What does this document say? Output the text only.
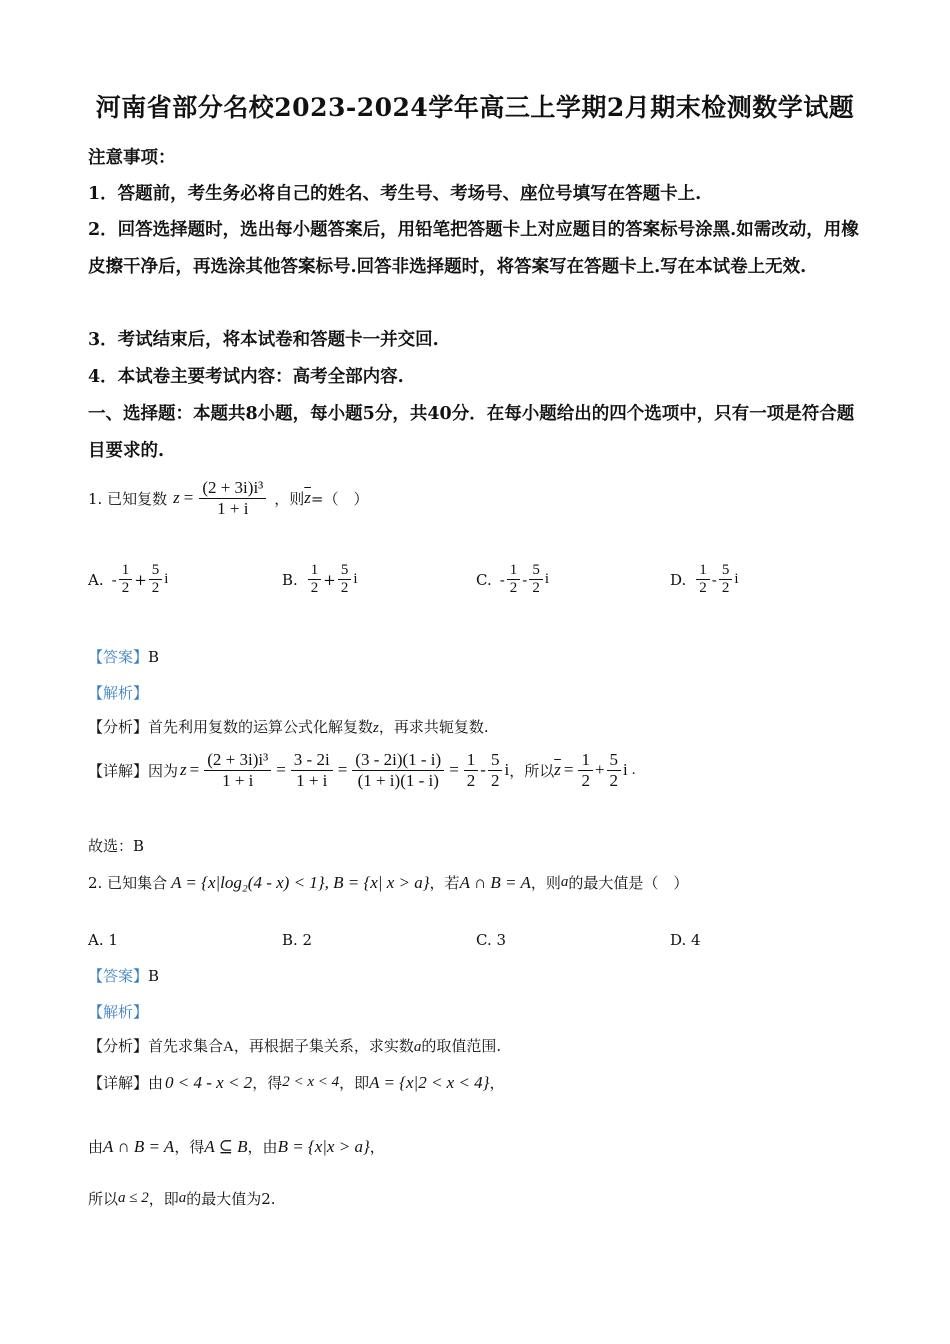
河南省部分名校2023-2024学年高三上学期2月期末检测数学试题
注意事项：
1．答题前，考生务必将自己的姓名、考生号、考场号、座位号填写在答题卡上.
2．回答选择题时，选出每小题答案后，用铅笔把答题卡上对应题目的答案标号涂黑.如需改动，用橡皮擦干净后，再选涂其他答案标号.回答非选择题时，将答案写在答题卡上.写在本试卷上无效.
3．考试结束后，将本试卷和答题卡一并交回.
4．本试卷主要考试内容：高考全部内容.
一、选择题：本题共8小题，每小题5分，共40分．在每小题给出的四个选项中，只有一项是符合题目要求的.
1. 已知复数 $z = \frac{\text{(2 + 3i)i³}}{1 + i}$ ，则 $\overline{z}$ =（　）
A. - $\frac{1}{2} + \frac{5}{2}$ i	B. $\frac{1}{2} + \frac{5}{2}$ i	C. - $\frac{1}{2} - \frac{5}{2}$ i	D. $\frac{1}{2} - \frac{5}{2}$ i
【答案】B
【解析】
【分析】首先利用复数的运算公式化解复数z，再求共轭复数.
【详解】 因为 $z = \frac{\text{(2 + 3i)i³}}{1 + i} = \frac{3 - 2i}{1 + i} = \frac{(3 - 2i)(1 - i)}{(1 + i)(1 - i)} = \frac{1}{2} - \frac{5}{2}$ i ，所以 $\overline{z} = \frac{1}{2} + \frac{5}{2}$ i .
故选：B
2. 已知集合 A = {x|log₂(4 - x) < 1} , B = {x| x > a} ，若 A ∩ B = A ，则 a 的最大值是（　）
A. 1	B. 2	C. 3	D. 4
【答案】B
【解析】
【分析】首先求集合A，再根据子集关系，求实数a的取值范围.
【详解】 由 0 < 4 - x < 2 ，得 2 < x < 4 ，即 A = {x|2 < x < 4} ，
由 A ∩ B = A ，得 A ⊆ B ，由 B = {x|x > a} ，
所以 a ≤ 2 ，即 a 的最大值为2.
